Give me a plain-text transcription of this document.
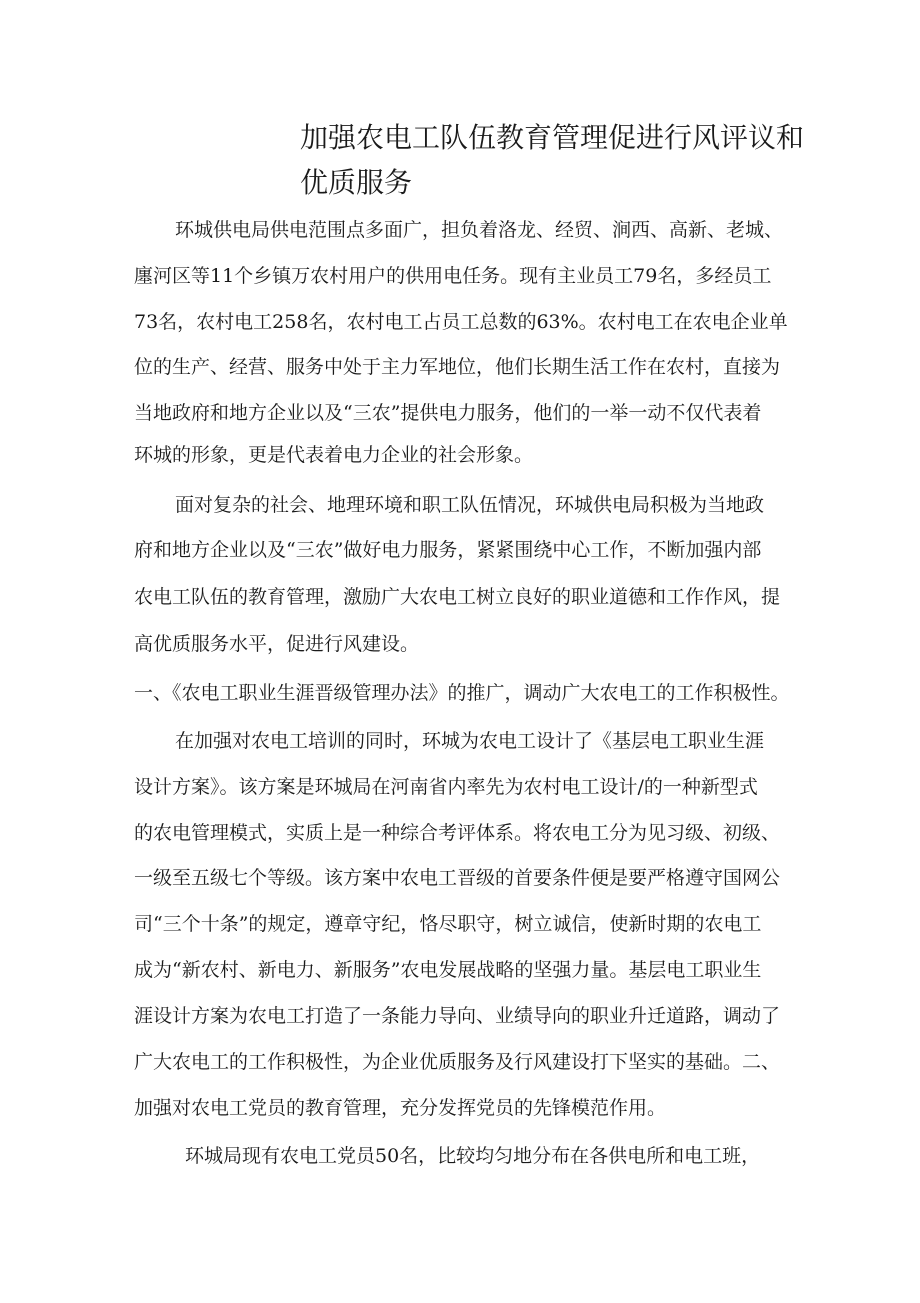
加强农电工队伍教育管理促进行风评议和
优质服务
环城供电局供电范围点多面广，担负着洛龙、经贸、涧西、高新、老城、
廛河区等11个乡镇万农村用户的供用电任务。现有主业员工79名，多经员工
73名，农村电工258名，农村电工占员工总数的63%。农村电工在农电企业单
位的生产、经营、服务中处于主力军地位，他们长期生活工作在农村，直接为
当地政府和地方企业以及“三农”提供电力服务，他们的一举一动不仅代表着
环城的形象，更是代表着电力企业的社会形象。
面对复杂的社会、地理环境和职工队伍情况，环城供电局积极为当地政
府和地方企业以及“三农”做好电力服务，紧紧围绕中心工作，不断加强内部
农电工队伍的教育管理，激励广大农电工树立良好的职业道德和工作作风，提
高优质服务水平，促进行风建设。
一、《农电工职业生涯晋级管理办法》的推广，调动广大农电工的工作积极性。
在加强对农电工培训的同时，环城为农电工设计了《基层电工职业生涯
设计方案》。该方案是环城局在河南省内率先为农村电工设计/的一种新型式
的农电管理模式，实质上是一种综合考评体系。将农电工分为见习级、初级、
一级至五级七个等级。该方案中农电工晋级的首要条件便是要严格遵守国网公
司“三个十条”的规定，遵章守纪，恪尽职守，树立诚信，使新时期的农电工
成为“新农村、新电力、新服务”农电发展战略的坚强力量。基层电工职业生
涯设计方案为农电工打造了一条能力导向、业绩导向的职业升迁道路，调动了
广大农电工的工作积极性，为企业优质服务及行风建设打下坚实的基础。二、
加强对农电工党员的教育管理，充分发挥党员的先锋模范作用。
环城局现有农电工党员50名，比较均匀地分布在各供电所和电工班，
